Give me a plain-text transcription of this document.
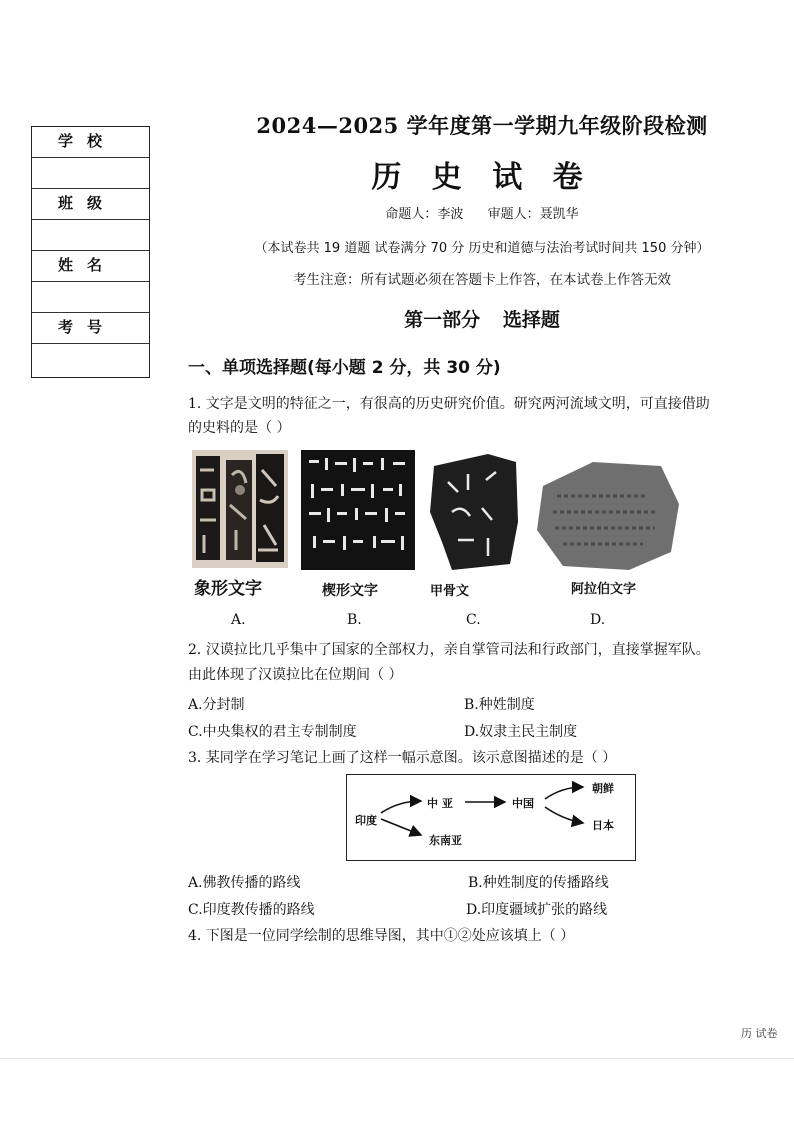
学校
班级
姓名
考号
2024—2025 学年度第一学期九年级阶段检测
历 史 试 卷
命题人：李波 审题人：聂凯华
（本试卷共 19 道题 试卷满分 70 分 历史和道德与法治考试时间共 150 分钟）
考生注意：所有试题必须在答题卡上作答，在本试卷上作答无效
第一部分 选择题
一、单项选择题(每小题 2 分，共 30 分)
1. 文字是文明的特征之一，有很高的历史研究价值。研究两河流域文明，可直接借助
的史料的是（ ）
象形文字	楔形文字	甲骨文	阿拉伯文字
A.	B.	C.	D.
2. 汉谟拉比几乎集中了国家的全部权力，亲自掌管司法和行政部门，直接掌握军队。
由此体现了汉谟拉比在位期间（ ）
A.分封制	B.种姓制度
C.中央集权的君主专制制度	D.奴隶主民主制度
3. 某同学在学习笔记上画了这样一幅示意图。该示意图描述的是（ ）
印度
中 亚	中国
朝鲜
日本
东南亚
A.佛教传播的路线	B.种姓制度的传播路线
C.印度教传播的路线	D.印度疆域扩张的路线
4. 下图是一位同学绘制的思维导图，其中①②处应该填上（ ）
历 试卷
